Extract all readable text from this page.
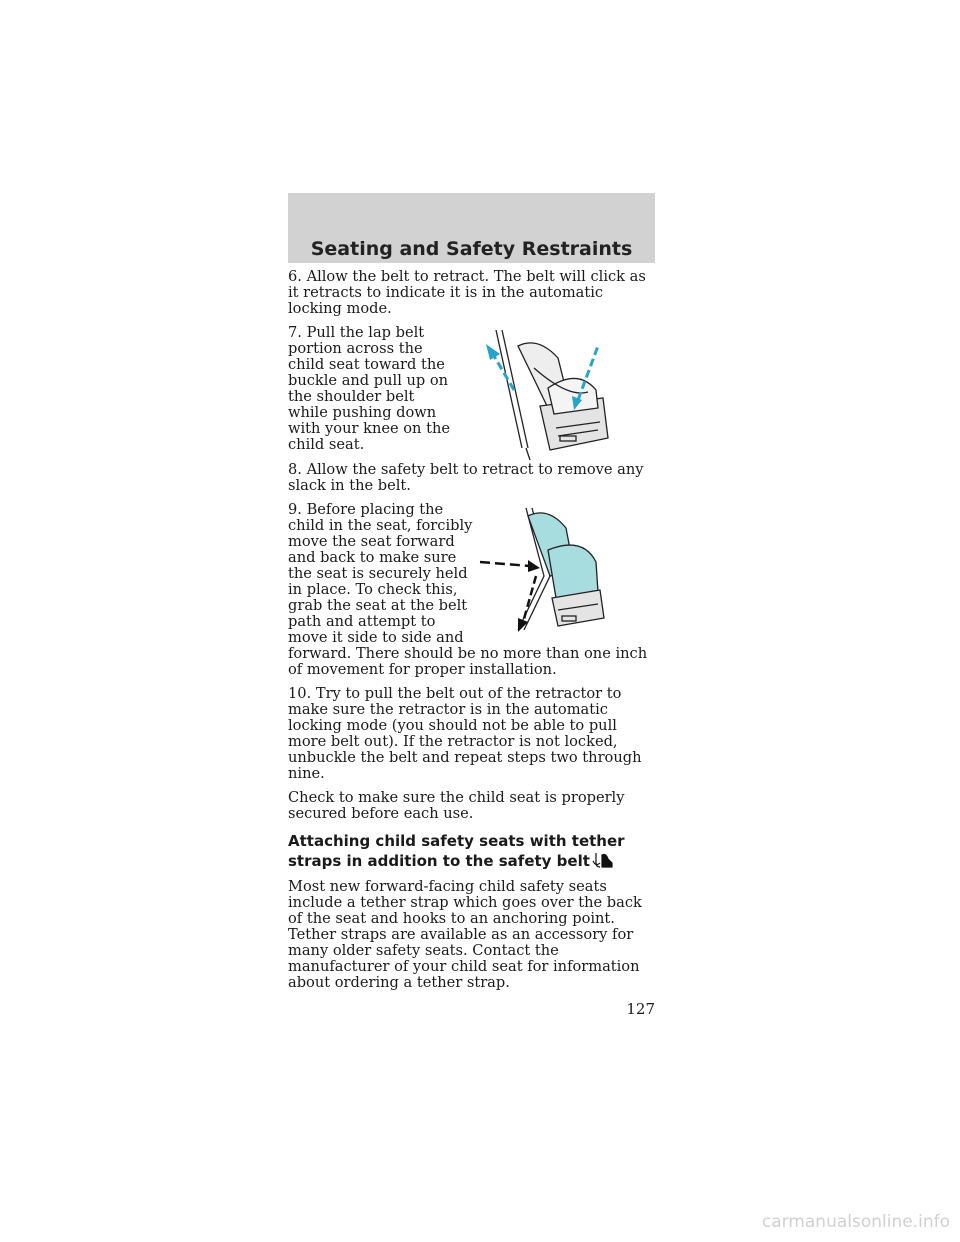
Seating and Safety Restraints

6. Allow the belt to retract. The belt will click as it retracts to indicate it is in the automatic locking mode.

7. Pull the lap belt portion across the child seat toward the buckle and pull up on the shoulder belt while pushing down with your knee on the child seat.

8. Allow the safety belt to retract to remove any slack in the belt.

9. Before placing the child in the seat, forcibly move the seat forward and back to make sure the seat is securely held in place. To check this, grab the seat at the belt path and attempt to move it side to side and forward. There should be no more than one inch of movement for proper installation.

10. Try to pull the belt out of the retractor to make sure the retractor is in the automatic locking mode (you should not be able to pull more belt out). If the retractor is not locked, unbuckle the belt and repeat steps two through nine.

Check to make sure the child seat is properly secured before each use.

Attaching child safety seats with tether straps in addition to the safety belt

Most new forward-facing child safety seats include a tether strap which goes over the back of the seat and hooks to an anchoring point. Tether straps are available as an accessory for many older safety seats. Contact the manufacturer of your child seat for information about ordering a tether strap.

127
carmanualsonline.info
